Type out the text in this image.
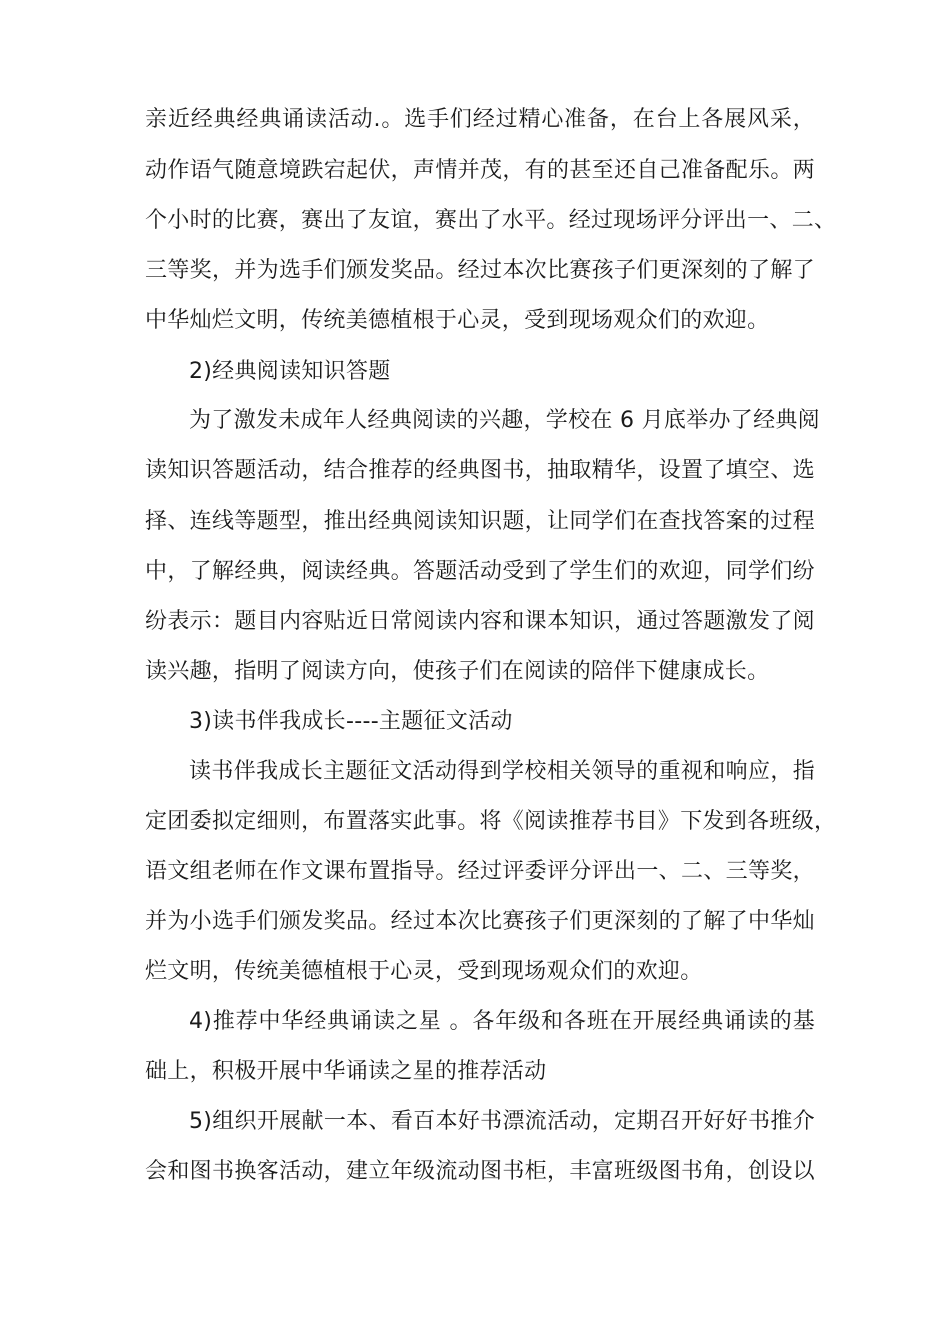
亲近经典经典诵读活动.。选手们经过精心准备，在台上各展风采，
动作语气随意境跌宕起伏，声情并茂，有的甚至还自己准备配乐。两
个小时的比赛，赛出了友谊，赛出了水平。经过现场评分评出一、二、
三等奖，并为选手们颁发奖品。经过本次比赛孩子们更深刻的了解了
中华灿烂文明，传统美德植根于心灵，受到现场观众们的欢迎。
2)经典阅读知识答题
为了激发未成年人经典阅读的兴趣，学校在 6 月底举办了经典阅
读知识答题活动，结合推荐的经典图书，抽取精华，设置了填空、选
择、连线等题型，推出经典阅读知识题，让同学们在查找答案的过程
中，了解经典，阅读经典。答题活动受到了学生们的欢迎，同学们纷
纷表示：题目内容贴近日常阅读内容和课本知识，通过答题激发了阅
读兴趣，指明了阅读方向，使孩子们在阅读的陪伴下健康成长。
3)读书伴我成长----主题征文活动
读书伴我成长主题征文活动得到学校相关领导的重视和响应，指
定团委拟定细则，布置落实此事。将《阅读推荐书目》下发到各班级，
语文组老师在作文课布置指导。经过评委评分评出一、二、三等奖，
并为小选手们颁发奖品。经过本次比赛孩子们更深刻的了解了中华灿
烂文明，传统美德植根于心灵，受到现场观众们的欢迎。
4)推荐中华经典诵读之星 。各年级和各班在开展经典诵读的基
础上，积极开展中华诵读之星的推荐活动
5)组织开展献一本、看百本好书漂流活动，定期召开好好书推介
会和图书换客活动，建立年级流动图书柜，丰富班级图书角，创设以
